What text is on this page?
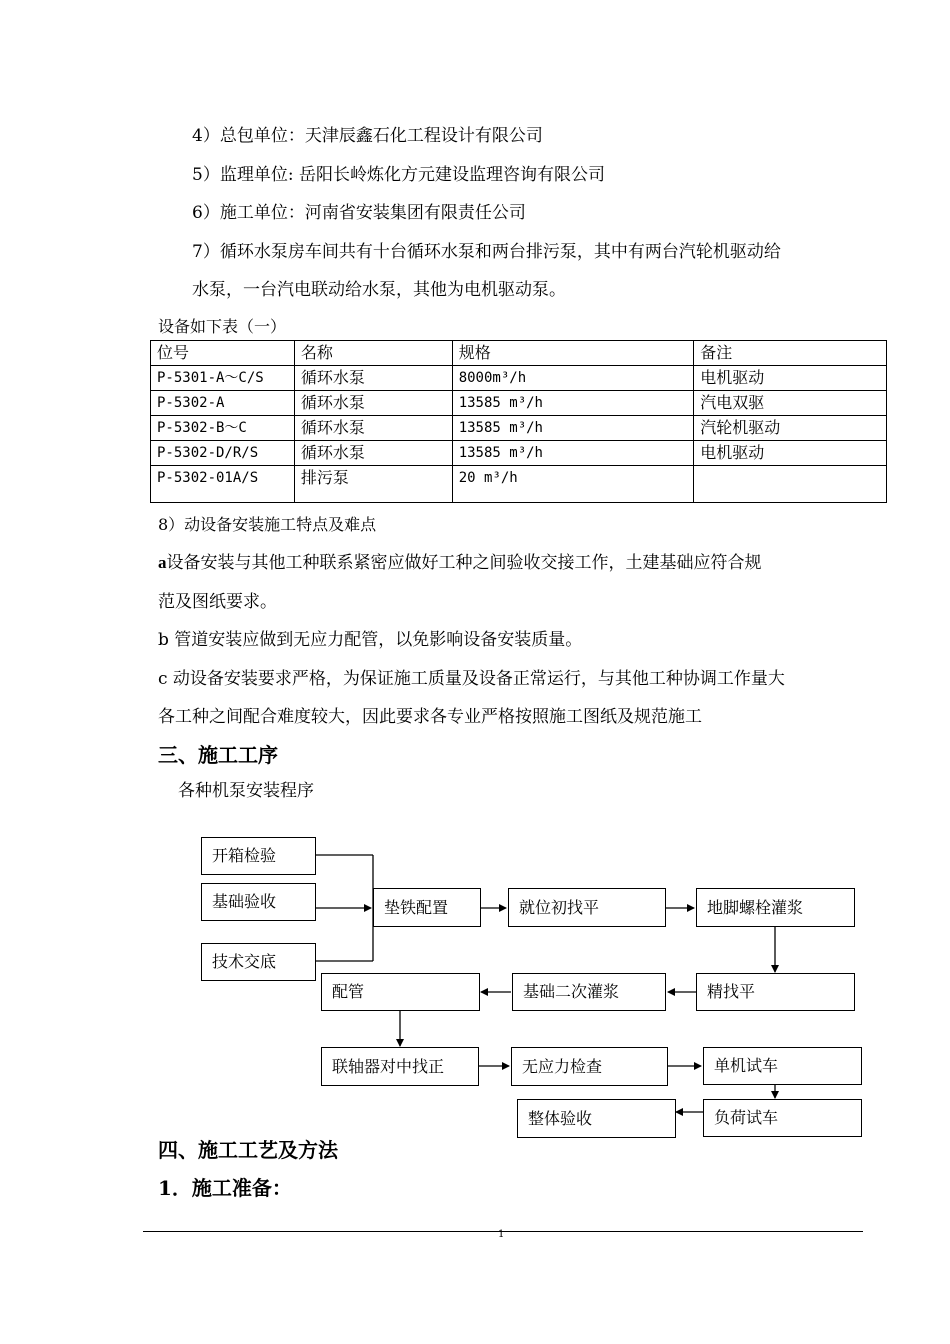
4）总包单位：天津辰鑫石化工程设计有限公司
5）监理单位: 岳阳长岭炼化方元建设监理咨询有限公司
6）施工单位：河南省安装集团有限责任公司
7）循环水泵房车间共有十台循环水泵和两台排污泵，其中有两台汽轮机驱动给
水泵，一台汽电联动给水泵，其他为电机驱动泵。
设备如下表（一）
位号	名称	规格	备注
P-5301-A～C/S	循环水泵	8000m³/h	电机驱动
P-5302-A	循环水泵	13585 m³/h	汽电双驱
P-5302-B～C	循环水泵	13585 m³/h	汽轮机驱动
P-5302-D/R/S	循环水泵	13585 m³/h	电机驱动
P-5302-01A/S	排污泵	20 m³/h	
8）动设备安装施工特点及难点
a设备安装与其他工种联系紧密应做好工种之间验收交接工作，土建基础应符合规
范及图纸要求。
b 管道安装应做到无应力配管，以免影响设备安装质量。
c 动设备安装要求严格，为保证施工质量及设备正常运行，与其他工种协调工作量大
各工种之间配合难度较大，因此要求各专业严格按照施工图纸及规范施工
三、施工工序
各种机泵安装程序
开箱检验
基础验收
技术交底
垫铁配置	就位初找平	地脚螺栓灌浆
精找平
基础二次灌浆
配管
联轴器对中找正	无应力检查	单机试车
负荷试车
整体验收
四、施工工艺及方法
1．施工准备：
1
